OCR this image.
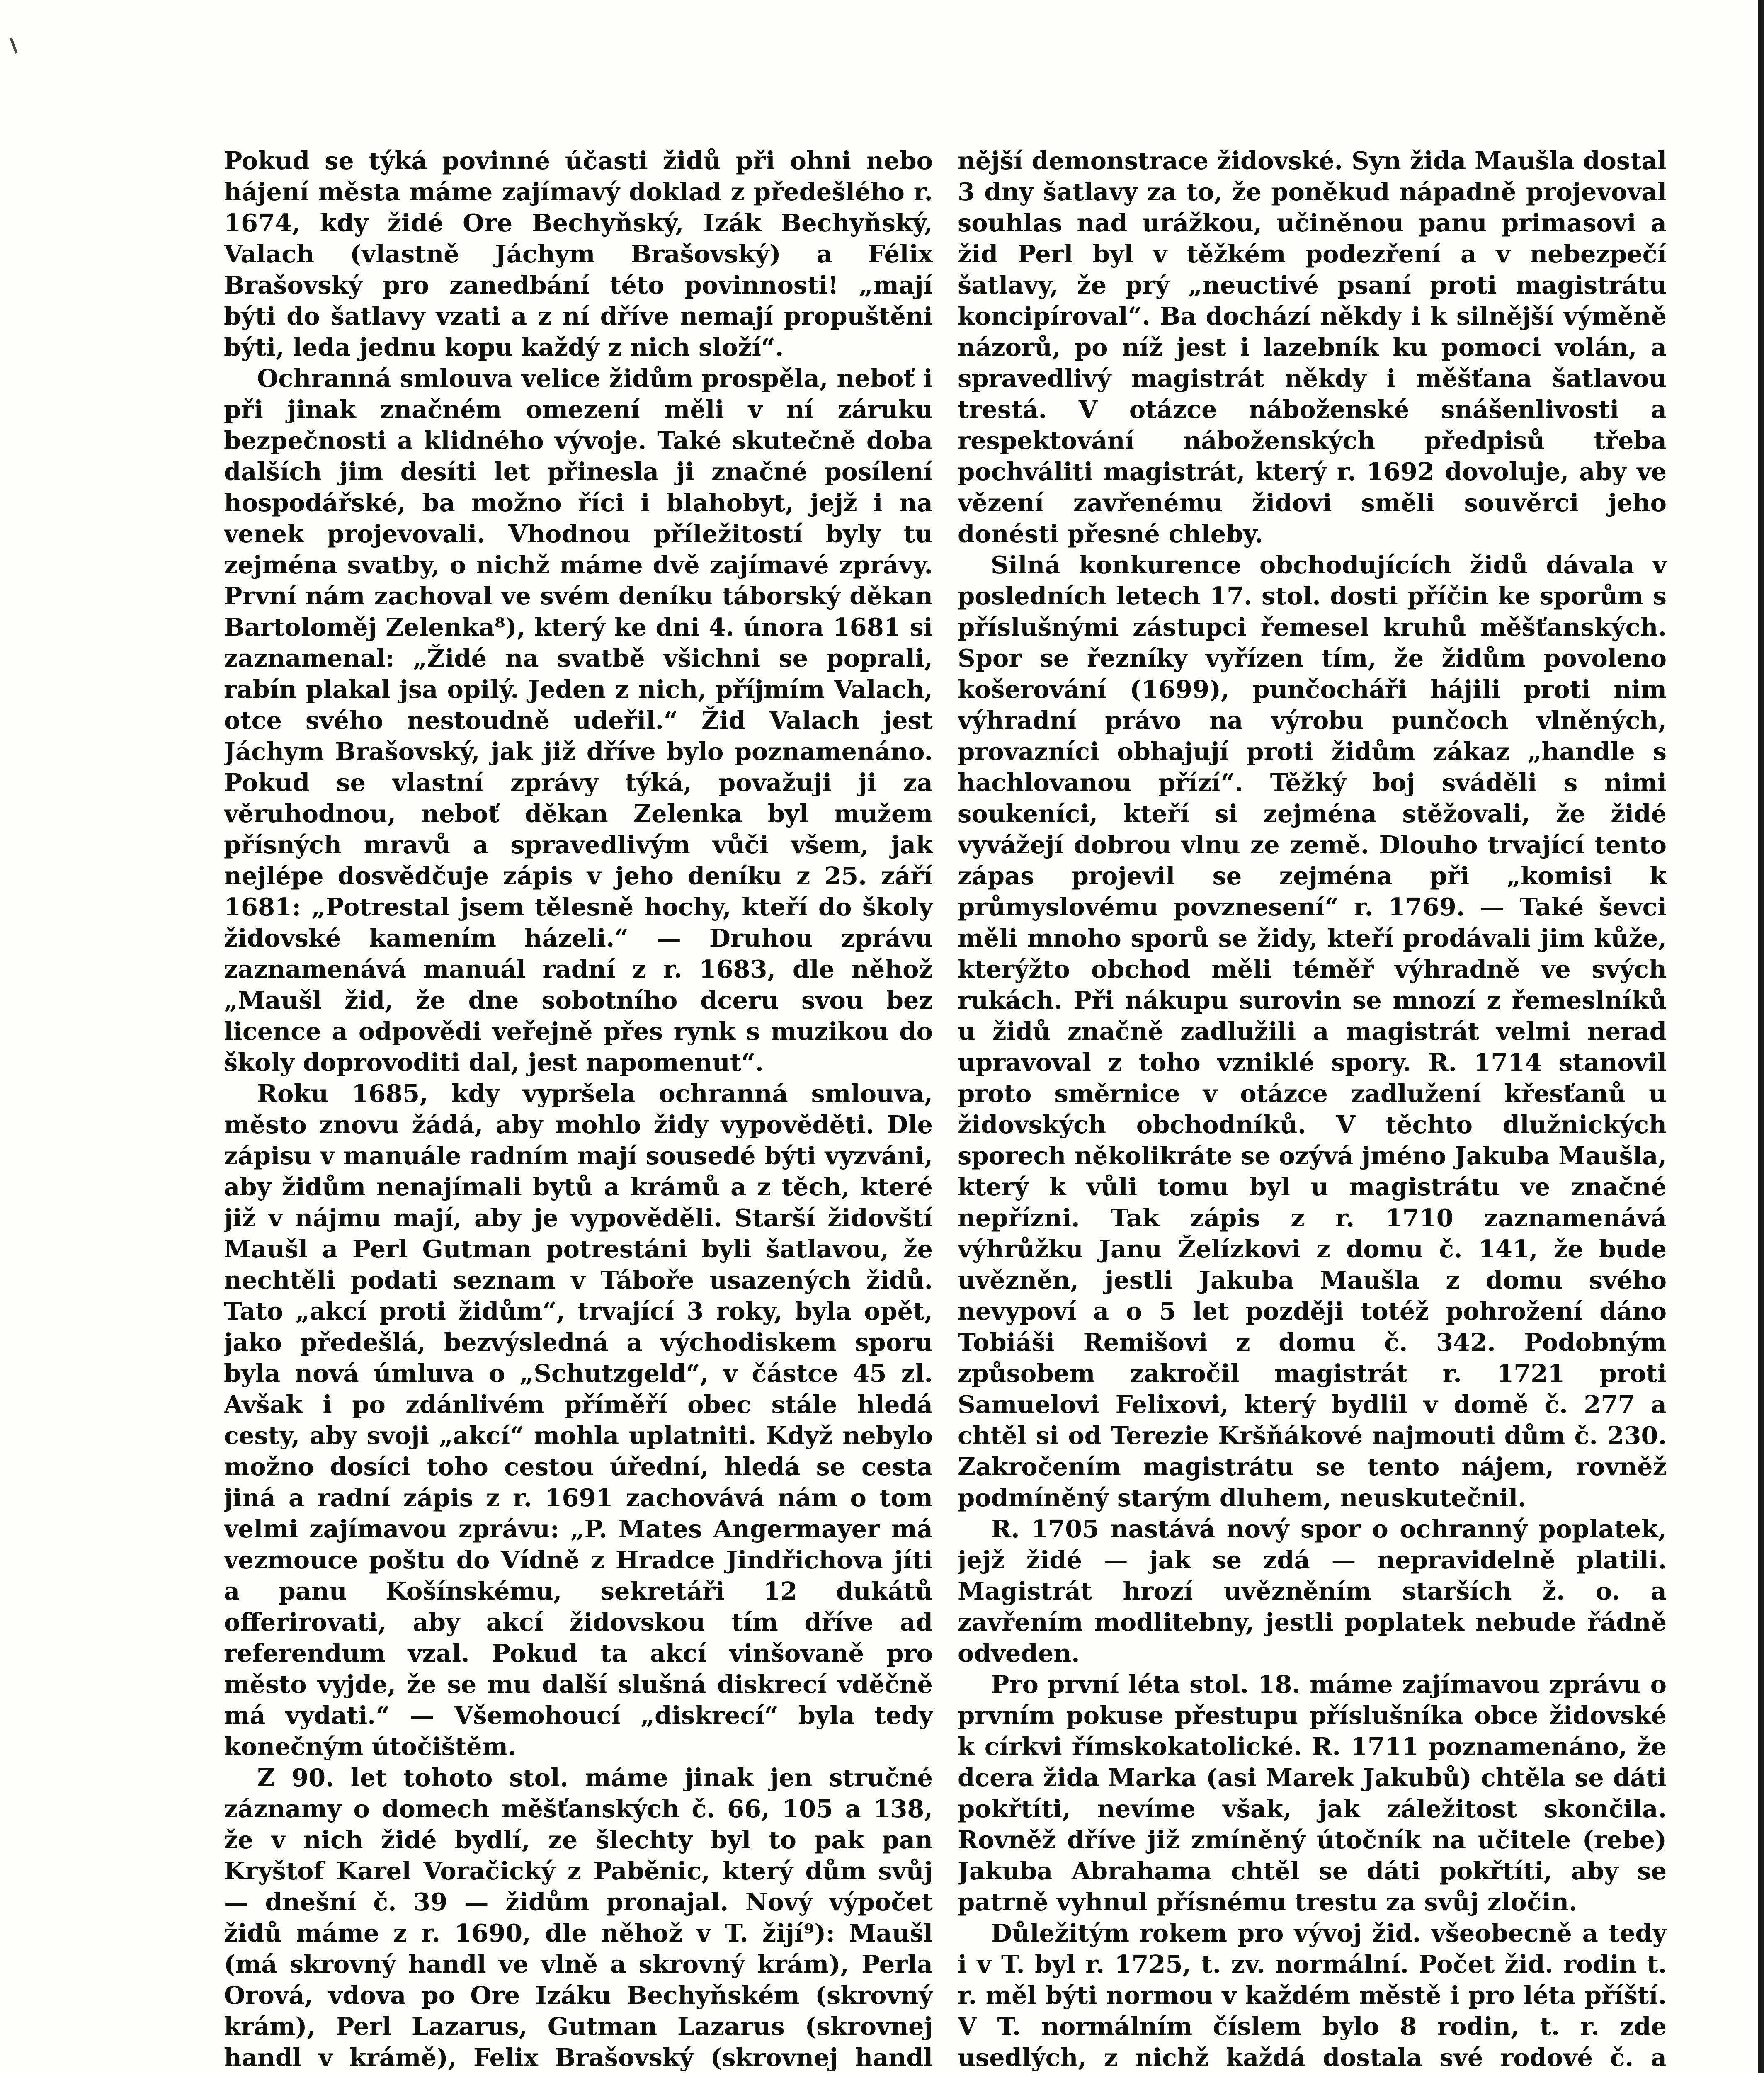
Pokud se týká povinné účasti židů při ohni nebo hájení města máme zajímavý doklad z předešlého r. 1674, kdy židé Ore Bechyňský, Izák Bechyňský, Valach (vlastně Jáchym Brašovský) a Félix Brašovský pro zanedbání této povinnosti! „mají býti do šatlavy vzati a z ní dříve nemají propuštěni býti, leda jednu kopu každý z nich složí“.

Ochranná smlouva velice židům prospěla, neboť i při jinak značném omezení měli v ní záruku bezpečnosti a klidného vývoje. Také skutečně doba dalších jim desíti let přinesla ji značné posílení hospodářské, ba možno říci i blahobyt, jejž i na venek projevovali. Vhodnou příležitostí byly tu zejména svatby, o nichž máme dvě zajímavé zprávy. První nám zachoval ve svém deníku táborský děkan Bartoloměj Zelenka⁸), který ke dni 4. února 1681 si zaznamenal: „Židé na svatbě všichni se poprali, rabín plakal jsa opilý. Jeden z nich, příjmím Valach, otce svého nestoudně udeřil.“ Žid Valach jest Jáchym Brašovský, jak již dříve bylo poznamenáno. Pokud se vlastní zprávy týká, považuji ji za věruhodnou, neboť děkan Zelenka byl mužem přísných mravů a spravedlivým vůči všem, jak nejlépe dosvědčuje zápis v jeho deníku z 25. září 1681: „Potrestal jsem tělesně hochy, kteří do školy židovské kamením házeli.“ — Druhou zprávu zaznamenává manuál radní z r. 1683, dle něhož „Maušl žid, že dne sobotního dceru svou bez licence a odpovědi veřejně přes rynk s muzikou do školy doprovoditi dal, jest napomenut“.

Roku 1685, kdy vypršela ochranná smlouva, město znovu žádá, aby mohlo židy vypověděti. Dle zápisu v manuále radním mají sousedé býti vyzváni, aby židům nenajímali bytů a krámů a z těch, které již v nájmu mají, aby je vypověděli. Starší židovští Maušl a Perl Gutman potrestáni byli šatlavou, že nechtěli podati seznam v Táboře usazených židů. Tato „akcí proti židům“, trvající 3 roky, byla opět, jako předešlá, bezvýsledná a východiskem sporu byla nová úmluva o „Schutzgeld“, v částce 45 zl. Avšak i po zdánlivém příměří obec stále hledá cesty, aby svoji „akcí“ mohla uplatniti. Když nebylo možno dosíci toho cestou úřední, hledá se cesta jiná a radní zápis z r. 1691 zachovává nám o tom velmi zajímavou zprávu: „P. Mates Angermayer má vezmouce poštu do Vídně z Hradce Jindřichova jíti a panu Košínskému, sekretáři 12 dukátů offerirovati, aby akcí židovskou tím dříve ad referendum vzal. Pokud ta akcí vinšovaně pro město vyjde, že se mu další slušná diskrecí vděčně má vydati.“ — Všemohoucí „diskrecí“ byla tedy konečným útočištěm.

Z 90. let tohoto stol. máme jinak jen stručné záznamy o domech měšťanských č. 66, 105 a 138, že v nich židé bydlí, ze šlechty byl to pak pan Kryštof Karel Voračický z Paběnic, který dům svůj — dnešní č. 39 — židům pronajal. Nový výpočet židů máme z r. 1690, dle něhož v T. žijí⁹): Maušl (má skrovný handl ve vlně a skrovný krám), Perla Orová, vdova po Ore Izáku Bechyňském (skrovný krám), Perl Lazarus, Gutman Lazarus (skrovnej handl v krámě), Felix Brašovský (skrovnej handl

nější demonstrace židovské. Syn žida Maušla dostal 3 dny šatlavy za to, že poněkud nápadně projevoval souhlas nad urážkou, učiněnou panu primasovi a žid Perl byl v těžkém podezření a v nebezpečí šatlavy, že prý „neuctivé psaní proti magistrátu koncipíroval“. Ba dochází někdy i k silnější výměně názorů, po níž jest i lazebník ku pomoci volán, a spravedlivý magistrát někdy i měšťana šatlavou trestá. V otázce náboženské snášenlivosti a respektování náboženských předpisů třeba pochváliti magistrát, který r. 1692 dovoluje, aby ve vězení zavřenému židovi směli souvěrci jeho donésti přesné chleby.

Silná konkurence obchodujících židů dávala v posledních letech 17. stol. dosti příčin ke sporům s příslušnými zástupci řemesel kruhů měšťanských. Spor se řezníky vyřízen tím, že židům povoleno košerování (1699), punčocháři hájili proti nim výhradní právo na výrobu punčoch vlněných, provazníci obhajují proti židům zákaz „handle s hachlovanou přízí“. Těžký boj sváděli s nimi soukeníci, kteří si zejména stěžovali, že židé vyvážejí dobrou vlnu ze země. Dlouho trvající tento zápas projevil se zejména při „komisi k průmyslovému povznesení“ r. 1769. — Také ševci měli mnoho sporů se židy, kteří prodávali jim kůže, kterýžto obchod měli téměř výhradně ve svých rukách. Při nákupu surovin se mnozí z řemeslníků u židů značně zadlužili a magistrát velmi nerad upravoval z toho vzniklé spory. R. 1714 stanovil proto směrnice v otázce zadlužení křesťanů u židovských obchodníků. V těchto dlužnických sporech několikráte se ozývá jméno Jakuba Maušla, který k vůli tomu byl u magistrátu ve značné nepřízni. Tak zápis z r. 1710 zaznamenává výhrůžku Janu Želízkovi z domu č. 141, že bude uvězněn, jestli Jakuba Maušla z domu svého nevypoví a o 5 let později totéž pohrožení dáno Tobiáši Remišovi z domu č. 342. Podobným způsobem zakročil magistrát r. 1721 proti Samuelovi Felixovi, který bydlil v domě č. 277 a chtěl si od Terezie Kršňákové najmouti dům č. 230. Zakročením magistrátu se tento nájem, rovněž podmíněný starým dluhem, neuskutečnil.

R. 1705 nastává nový spor o ochranný poplatek, jejž židé — jak se zdá — nepravidelně platili. Magistrát hrozí uvězněním starších ž. o. a zavřením modlitebny, jestli poplatek nebude řádně odveden.

Pro první léta stol. 18. máme zajímavou zprávu o prvním pokuse přestupu příslušníka obce židovské k církvi římskokatolické. R. 1711 poznamenáno, že dcera žida Marka (asi Marek Jakubů) chtěla se dáti pokřtíti, nevíme však, jak záležitost skončila. Rovněž dříve již zmíněný útočník na učitele (rebe) Jakuba Abrahama chtěl se dáti pokřtíti, aby se patrně vyhnul přísnému trestu za svůj zločin.

Důležitým rokem pro vývoj žid. všeobecně a tedy i v T. byl r. 1725, t. zv. normální. Počet žid. rodin t. r. měl býti normou v každém městě i pro léta příští. V T. normálním číslem bylo 8 rodin, t. r. zde usedlých, z nichž každá dostala své rodové č. a
